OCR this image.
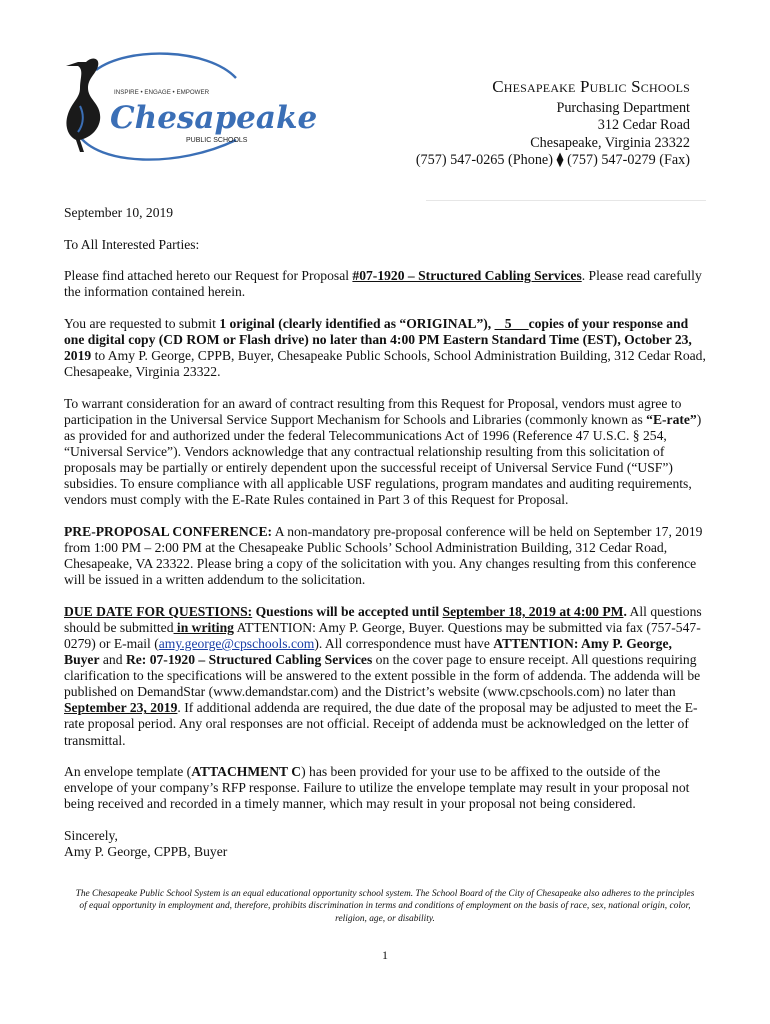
INSPIRE • ENGAGE • EMPOWER
Chesapeake
PUBLIC SCHOOLS
Chesapeake Public Schools
Purchasing Department
312 Cedar Road
Chesapeake, Virginia 23322
(757) 547-0265 (Phone) ⧫ (757) 547-0279 (Fax)

September 10, 2019

To All Interested Parties:

Please find attached hereto our Request for Proposal #07-1920 – Structured Cabling Services. Please read carefully the information contained herein.

You are requested to submit 1 original (clearly identified as “ORIGINAL”), _ 5 __copies of your response and one digital copy (CD ROM or Flash drive) no later than 4:00 PM Eastern Standard Time (EST), October 23, 2019 to Amy P. George, CPPB, Buyer, Chesapeake Public Schools, School Administration Building, 312 Cedar Road, Chesapeake, Virginia 23322.

To warrant consideration for an award of contract resulting from this Request for Proposal, vendors must agree to participation in the Universal Service Support Mechanism for Schools and Libraries (commonly known as “E-rate”) as provided for and authorized under the federal Telecommunications Act of 1996 (Reference 47 U.S.C. § 254, “Universal Service”). Vendors acknowledge that any contractual relationship resulting from this solicitation of proposals may be partially or entirely dependent upon the successful receipt of Universal Service Fund (“USF”) subsidies. To ensure compliance with all applicable USF regulations, program mandates and auditing requirements, vendors must comply with the E-Rate Rules contained in Part 3 of this Request for Proposal.

PRE-PROPOSAL CONFERENCE: A non-mandatory pre-proposal conference will be held on September 17, 2019 from 1:00 PM – 2:00 PM at the Chesapeake Public Schools’ School Administration Building, 312 Cedar Road, Chesapeake, VA 23322. Please bring a copy of the solicitation with you. Any changes resulting from this conference will be issued in a written addendum to the solicitation.

DUE DATE FOR QUESTIONS: Questions will be accepted until September 18, 2019 at 4:00 PM. All questions should be submitted in writing ATTENTION: Amy P. George, Buyer. Questions may be submitted via fax (757-547-0279) or E-mail (amy.george@cpschools.com). All correspondence must have ATTENTION: Amy P. George, Buyer and Re: 07-1920 – Structured Cabling Services on the cover page to ensure receipt. All questions requiring clarification to the specifications will be answered to the extent possible in the form of addenda. The addenda will be published on DemandStar (www.demandstar.com) and the District’s website (www.cpschools.com) no later than September 23, 2019. If additional addenda are required, the due date of the proposal may be adjusted to meet the E-rate proposal period. Any oral responses are not official. Receipt of addenda must be acknowledged on the letter of transmittal.

An envelope template (ATTACHMENT C) has been provided for your use to be affixed to the outside of the envelope of your company’s RFP response. Failure to utilize the envelope template may result in your proposal not being received and recorded in a timely manner, which may result in your proposal not being considered.

Sincerely,
Amy P. George, CPPB, Buyer
The Chesapeake Public School System is an equal educational opportunity school system. The School Board of the City of Chesapeake also adheres to the principles of equal opportunity in employment and, therefore, prohibits discrimination in terms and conditions of employment on the basis of race, sex, national origin, color, religion, age, or disability.
1
